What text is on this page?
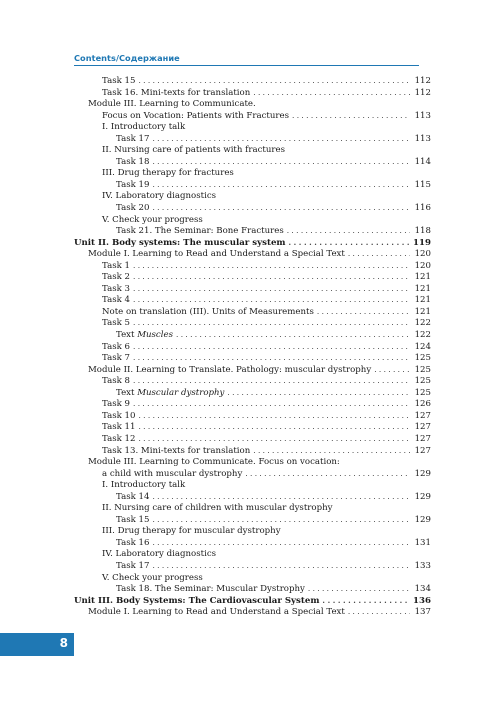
Contents/Содержание
Task 15 . . .	112
Task 16. Mini-texts for translation . . .	112
Module III. Learning to Communicate.
Focus on Vocation: Patients with Fractures . . .	113
I. Introductory talk
Task 17 . . .	113
II. Nursing care of patients with fractures
Task 18 . . .	114
III. Drug therapy for fractures
Task 19 . . .	115
IV. Laboratory diagnostics
Task 20 . . .	116
V. Check your progress
Task 21. The Seminar: Bone Fractures . . .	118
Unit II. Body systems: The muscular system . . .	119
Module I. Learning to Read and Understand a Special Text . . .	120
Task 1 . . .	120
Task 2 . . .	121
Task 3 . . .	121
Task 4 . . .	121
Note on translation (III). Units of Measurements . . .	121
Task 5 . . .	122
Text Muscles . . .	122
Task 6 . . .	124
Task 7 . . .	125
Module II. Learning to Translate. Pathology: muscular dystrophy . . .	125
Task 8 . . .	125
Text Muscular dystrophy . . .	125
Task 9 . . .	126
Task 10 . . .	127
Task 11 . . .	127
Task 12 . . .	127
Task 13. Mini-texts for translation . . .	127
Module III. Learning to Communicate. Focus on vocation:
a child with muscular dystrophy . . .	129
I. Introductory talk
Task 14 . . .	129
II. Nursing care of children with muscular dystrophy
Task 15 . . .	129
III. Drug therapy for muscular dystrophy
Task 16 . . .	131
IV. Laboratory diagnostics
Task 17 . . .	133
V. Check your progress
Task 18. The Seminar: Muscular Dystrophy . . .	134
Unit III. Body Systems: The Cardiovascular System . . .	136
Module I. Learning to Read and Understand a Special Text . . .	137
8
